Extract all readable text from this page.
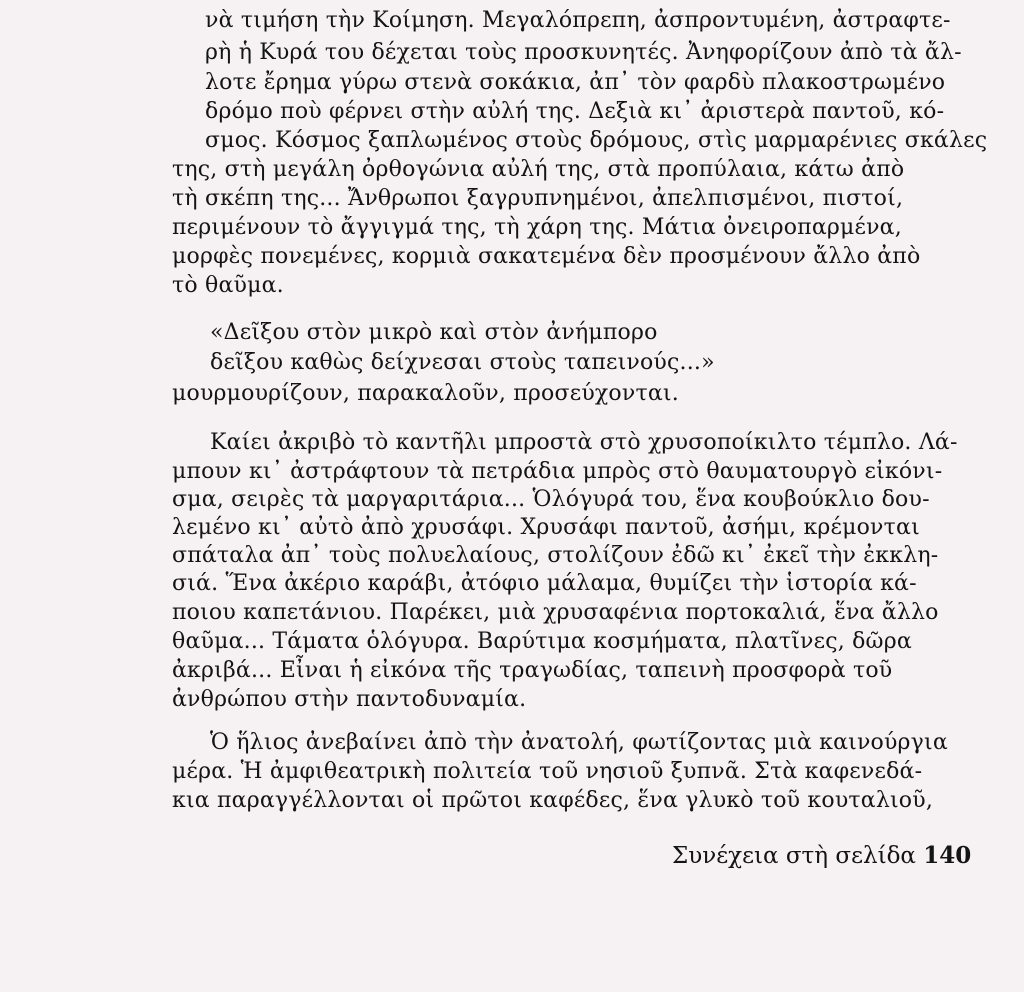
νὰ τιμήση τὴν Κοίμηση. Μεγαλόπρεπη, ἀσπροντυμένη, ἀστραφτε-
ρὴ ἡ Κυρά του δέχεται τοὺς προσκυνητές. Ἀνηφορίζουν ἀπὸ τὰ ἄλ-
λοτε ἔρημα γύρω στενὰ σοκάκια, ἀπ᾿ τὸν φαρδὺ πλακοστρωμένο
δρόμο ποὺ φέρνει στὴν αὐλή της. Δεξιὰ κι᾿ ἀριστερὰ παντοῦ, κό-
σμος. Κόσμος ξαπλωμένος στοὺς δρόμους, στὶς μαρμαρένιες σκάλες
της, στὴ μεγάλη ὀρθογώνια αὐλή της, στὰ προπύλαια, κάτω ἀπὸ
τὴ σκέπη της... Ἄνθρωποι ξαγρυπνημένοι, ἀπελπισμένοι, πιστοί,
περιμένουν τὸ ἄγγιγμά της, τὴ χάρη της. Μάτια ὀνειροπαρμένα,
μορφὲς πονεμένες, κορμιὰ σακατεμένα δὲν προσμένουν ἄλλο ἀπὸ
τὸ θαῦμα.
«Δεῖξου στὸν μικρὸ καὶ στὸν ἀνήμπορο
δεῖξου καθὼς δείχνεσαι στοὺς ταπεινούς...»
μουρμουρίζουν, παρακαλοῦν, προσεύχονται.
Καίει ἀκριβὸ τὸ καντῆλι μπροστὰ στὸ χρυσοποίκιλτο τέμπλο. Λά-
μπουν κι᾿ ἀστράφτουν τὰ πετράδια μπρὸς στὸ θαυματουργὸ εἰκόνι-
σμα, σειρὲς τὰ μαργαριτάρια... Ὁλόγυρά του, ἕνα κουβούκλιο δου-
λεμένο κι᾿ αὐτὸ ἀπὸ χρυσάφι. Χρυσάφι παντοῦ, ἀσήμι, κρέμονται
σπάταλα ἀπ᾿ τοὺς πολυελαίους, στολίζουν ἐδῶ κι᾿ ἐκεῖ τὴν ἐκκλη-
σιά. Ἕνα ἀκέριο καράβι, ἀτόφιο μάλαμα, θυμίζει τὴν ἱστορία κά-
ποιου καπετάνιου. Παρέκει, μιὰ χρυσαφένια πορτοκαλιά, ἕνα ἄλλο
θαῦμα... Τάματα ὁλόγυρα. Βαρύτιμα κοσμήματα, πλατῖνες, δῶρα
ἀκριβά... Εἶναι ἡ εἰκόνα τῆς τραγωδίας, ταπεινὴ προσφορὰ τοῦ
ἀνθρώπου στὴν παντοδυναμία.
Ὁ ἥλιος ἀνεβαίνει ἀπὸ τὴν ἀνατολή, φωτίζοντας μιὰ καινούργια
μέρα. Ἡ ἀμφιθεατρικὴ πολιτεία τοῦ νησιοῦ ξυπνᾶ. Στὰ καφενεδά-
κια παραγγέλλονται οἱ πρῶτοι καφέδες, ἕνα γλυκὸ τοῦ κουταλιοῦ,
Συνέχεια στὴ σελίδα 140
